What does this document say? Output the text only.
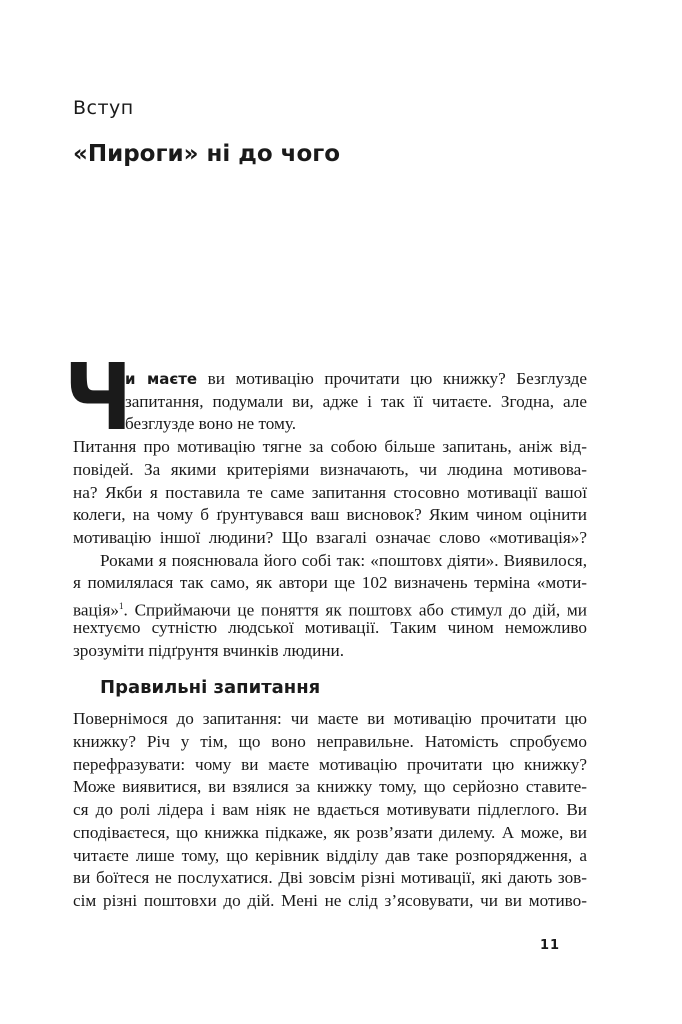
Вступ
«Пироги» ні до чого
Ч
и маєте ви мотивацію прочитати цю книжку? Безглузде
запитання, подумали ви, адже і так її читаєте. Згодна, але
безглузде воно не тому.
Питання про мотивацію тягне за собою більше запитань, аніж від-
повідей. За якими критеріями визначають, чи людина мотивова-
на? Якби я поставила те саме запитання стосовно мотивації вашої
колеги, на чому б ґрунтувався ваш висновок? Яким чином оцінити
мотивацію іншої людини? Що взагалі означає слово «мотивація»?
Роками я пояснювала його собі так: «поштовх діяти». Виявилося,
я помилялася так само, як автори ще 102 визначень терміна «моти-
вація»$^1$. Сприймаючи це поняття як поштовх або стимул до дій, ми
нехтуємо сутністю людської мотивації. Таким чином неможливо
зрозуміти підґрунтя вчинків людини.
Правильні запитання
Повернімося до запитання: чи маєте ви мотивацію прочитати цю
книжку? Річ у тім, що воно неправильне. Натомість спробуємо
перефразувати: чому ви маєте мотивацію прочитати цю книжку?
Може виявитися, ви взялися за книжку тому, що серйозно ставите-
ся до ролі лідера і вам ніяк не вдається мотивувати підлеглого. Ви
сподіваєтеся, що книжка підкаже, як розв’язати дилему. А може, ви
читаєте лише тому, що керівник відділу дав таке розпорядження, а
ви боїтеся не послухатися. Дві зовсім різні мотивації, які дають зов-
сім різні поштовхи до дій. Мені не слід з’ясовувати, чи ви мотиво-
11
